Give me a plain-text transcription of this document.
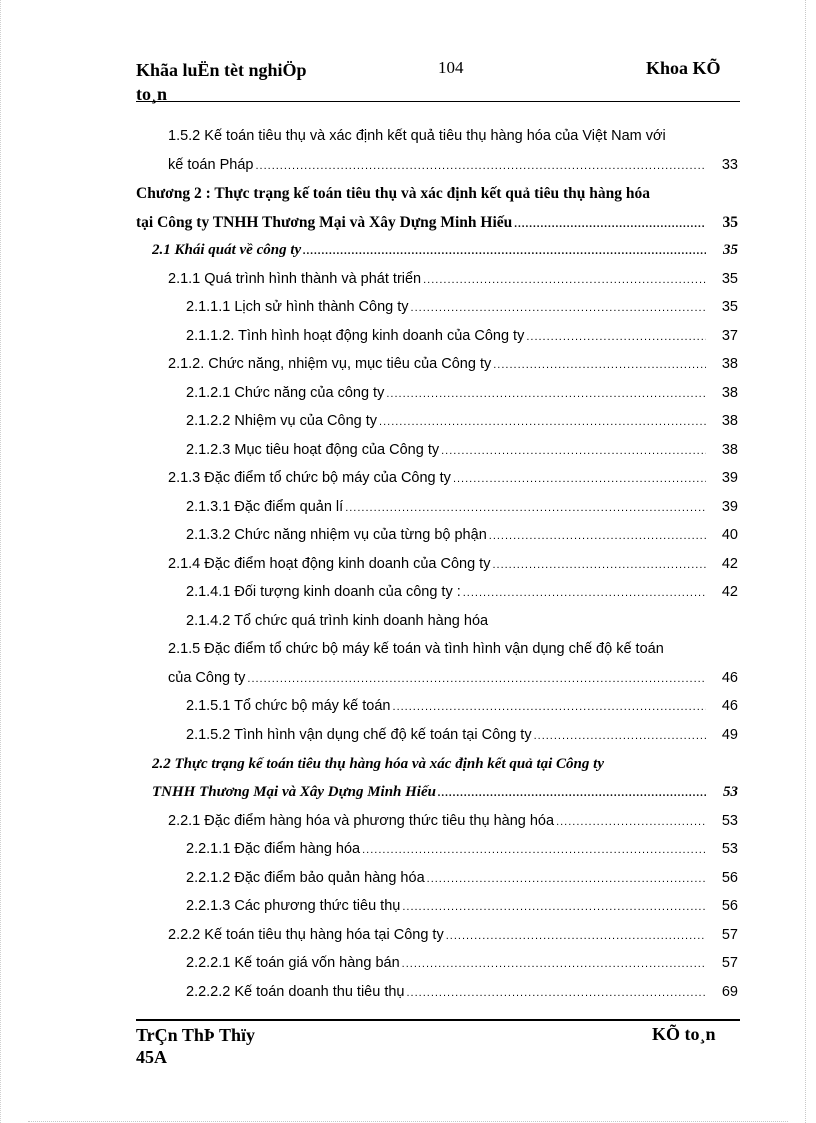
Khãa luËn tèt nghiÖp
to¸n
104	Khoa KÕ
1.5.2 Kế toán tiêu thụ và xác định kết quả tiêu thụ hàng hóa của Việt Nam với
kế toán Pháp .....	33
Chương 2 : Thực trạng kế toán tiêu thụ và xác định kết quả tiêu thụ hàng hóa
tại Công ty TNHH Thương Mại và Xây Dựng Minh Hiếu .....	35
2.1 Khái quát về công ty .....	35
2.1.1 Quá trình hình thành và phát triển .....	35
2.1.1.1 Lịch sử hình thành Công ty .....	35
2.1.1.2. Tình hình hoạt động kinh doanh của Công ty .....	37
2.1.2. Chức năng, nhiệm vụ, mục tiêu của Công ty .....	38
2.1.2.1 Chức năng của công ty .....	38
2.1.2.2 Nhiệm vụ của Công ty .....	38
2.1.2.3 Mục tiêu hoạt động của Công ty .....	38
2.1.3 Đặc điểm tổ chức bộ máy của Công ty .....	39
2.1.3.1 Đặc điểm quản lí .....	39
2.1.3.2 Chức năng nhiệm vụ của từng bộ phận .....	40
2.1.4 Đặc điểm hoạt động kinh doanh của Công ty .....	42
2.1.4.1 Đối tượng kinh doanh của công ty : .....	42
2.1.4.2 Tổ chức quá trình kinh doanh hàng hóa
2.1.5 Đặc điểm tổ chức bộ máy kế toán và tình hình vận dụng chế độ kế toán
của Công ty .....	46
2.1.5.1 Tổ chức bộ máy kế toán .....	46
2.1.5.2 Tình hình vận dụng chế độ kế toán tại Công ty .....	49
2.2 Thực trạng kế toán tiêu thụ hàng hóa và xác định kết quả tại Công ty
TNHH Thương Mại và Xây Dựng Minh Hiếu .....	53
2.2.1 Đặc điểm hàng hóa và phương thức tiêu thụ hàng hóa .....	53
2.2.1.1 Đặc điểm hàng hóa .....	53
2.2.1.2 Đặc điểm bảo quản hàng hóa .....	56
2.2.1.3 Các phương thức tiêu thụ .....	56
2.2.2 Kế toán tiêu thụ hàng hóa tại Công ty .....	57
2.2.2.1 Kế toán giá vốn hàng bán .....	57
2.2.2.2 Kế toán doanh thu tiêu thụ .....	69
TrÇn ThÞ Thïy
45A
KÕ to¸n
